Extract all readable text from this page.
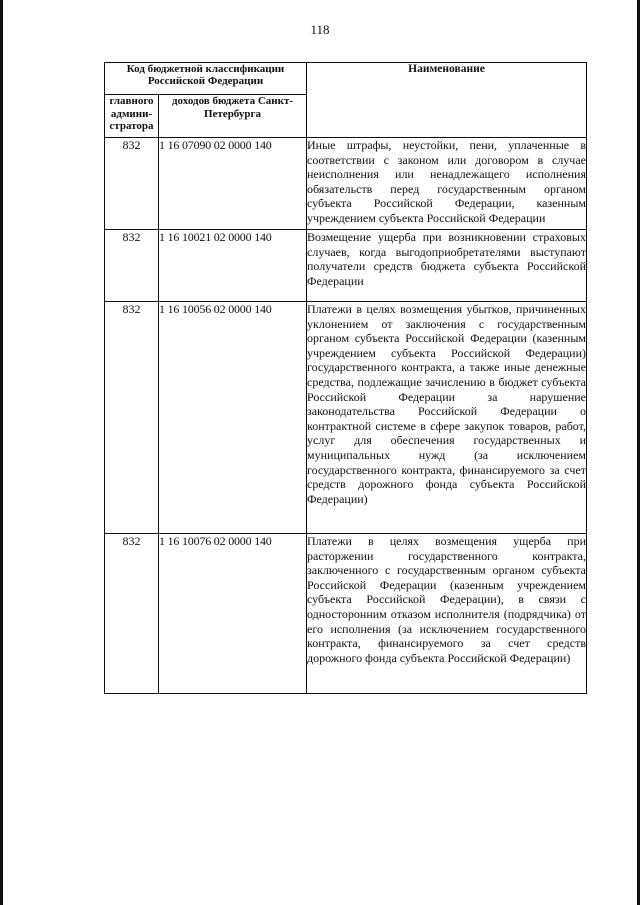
118
Код бюджетной классификации Российской Федерации		Наименование
главного админи-стратора	доходов бюджета Санкт-Петербурга	
832	1 16 07090 02 0000 140	Иные штрафы, неустойки, пени, уплаченные в соответствии с законом или договором в случае неисполнения или ненадлежащего исполнения обязательств перед государственным органом субъекта Российской Федерации, казенным учреждением субъекта Российской Федерации
832	1 16 10021 02 0000 140	Возмещение ущерба при возникновении страховых случаев, когда выгодоприобретателями выступают получатели средств бюджета субъекта Российской Федерации
832	1 16 10056 02 0000 140	Платежи в целях возмещения убытков, причиненных уклонением от заключения с государственным органом субъекта Российской Федерации (казенным учреждением субъекта Российской Федерации) государственного контракта, а также иные денежные средства, подлежащие зачислению в бюджет субъекта Российской Федерации за нарушение законодательства Российской Федерации о контрактной системе в сфере закупок товаров, работ, услуг для обеспечения государственных и муниципальных нужд (за исключением государственного контракта, финансируемого за счет средств дорожного фонда субъекта Российской Федерации)
832	1 16 10076 02 0000 140	Платежи в целях возмещения ущерба при расторжении государственного контракта, заключенного с государственным органом субъекта Российской Федерации (казенным учреждением субъекта Российской Федерации), в связи с односторонним отказом исполнителя (подрядчика) от его исполнения (за исключением государственного контракта, финансируемого за счет средств дорожного фонда субъекта Российской Федерации)
